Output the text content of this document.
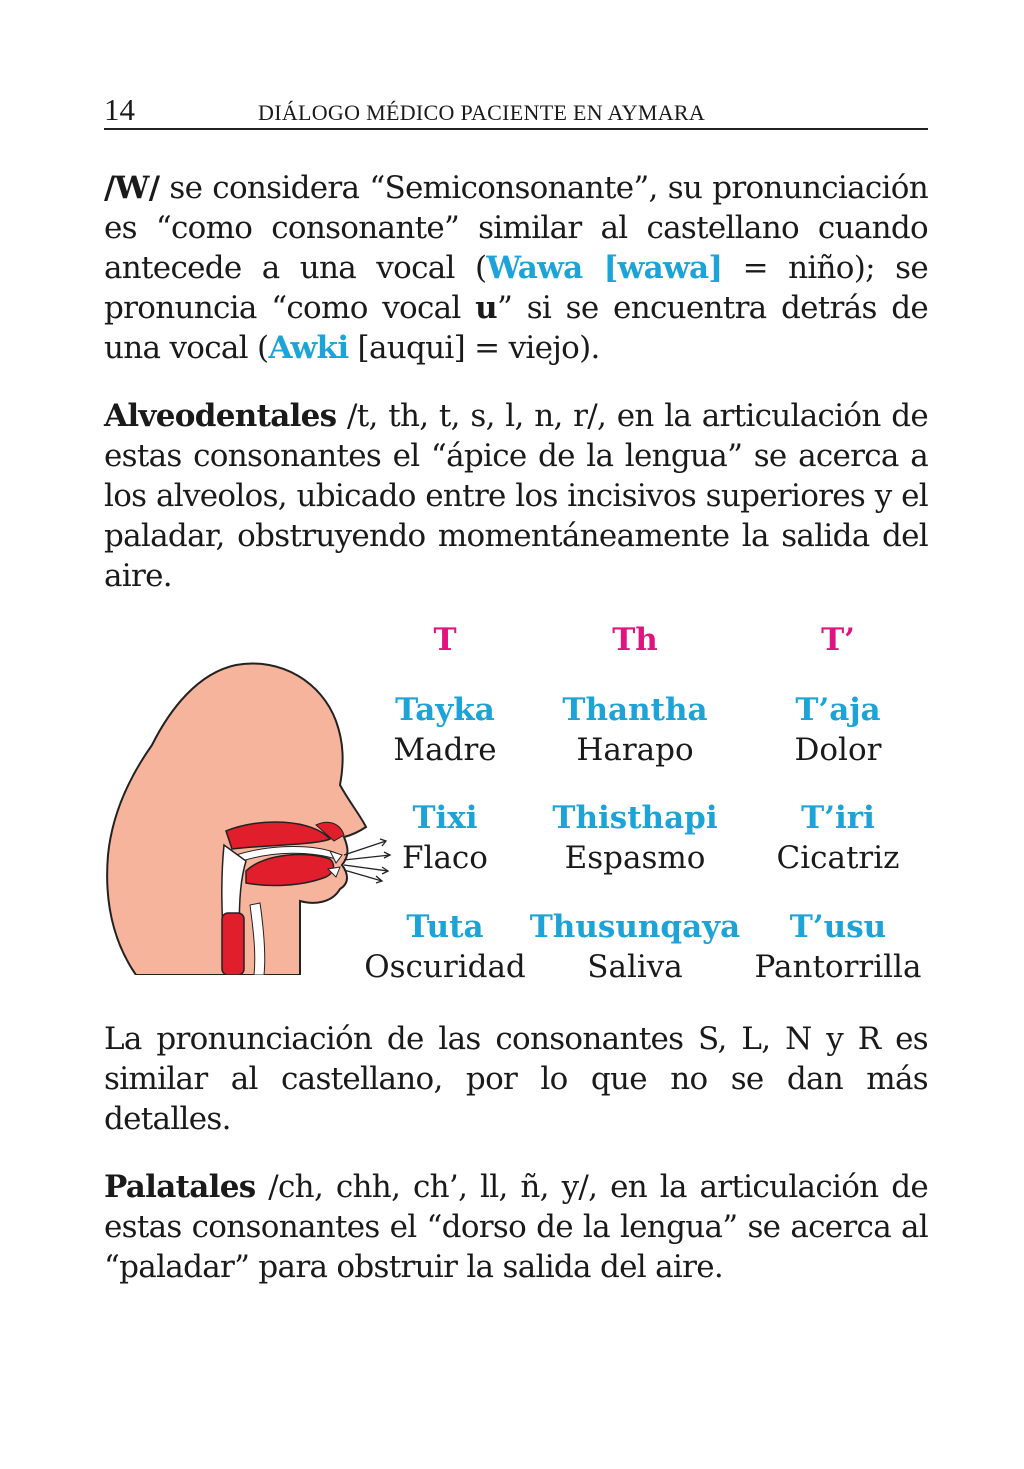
14	DIÁLOGO MÉDICO PACIENTE EN AYMARA

/W/ se considera “Semiconsonante”, su pronunciación es “como consonante” similar al castellano cuando antecede a una vocal (Wawa [wawa] = niño); se pronuncia “como vocal u” si se encuentra detrás de una vocal (Awki [auqui] = viejo).

Alveodentales /t, th, t, s, l, n, r/, en la articulación de estas consonantes el “ápice de la lengua” se acerca a los alveolos, ubicado entre los incisivos superiores y el paladar, obstruyendo momentáneamente la salida del aire.

T	Th	T’
Tayka	Thantha	T’aja
Madre	Harapo	Dolor
Tixi	Thisthapi	T’iri
Flaco	Espasmo	Cicatriz
Tuta	Thusunqaya	T’usu
Oscuridad	Saliva	Pantorrilla

La pronunciación de las consonantes S, L, N y R es similar al castellano, por lo que no se dan más detalles.

Palatales /ch, chh, ch’, ll, ñ, y/, en la articulación de estas consonantes el “dorso de la lengua” se acerca al “paladar” para obstruir la salida del aire.
